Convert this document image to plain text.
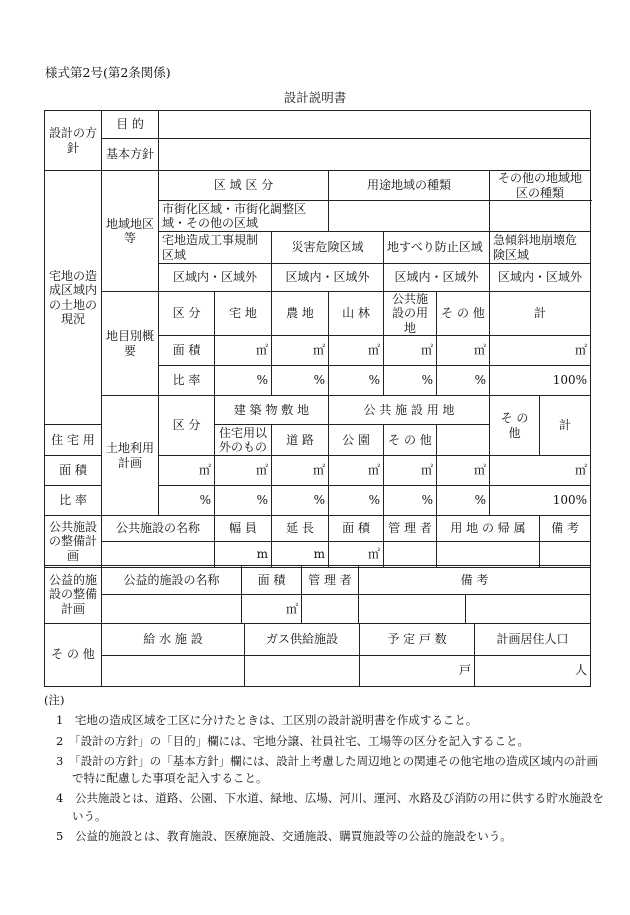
様式第2号(第2条関係)
設計説明書
設計の方針	目 的								
	基本方針								
宅地の造成区域内の土地の現況	地域地区等	区 域 区 分			用途地域の種類			その他の地域地区の種類	
		市街化区域・市街化調整区域・その他の区域							
		宅地造成工事規制区域		災害危険区域		地すべり防止区域		急傾斜地崩壊危険区域	
		区域内・区域外		区域内・区域外		区域内・区域外		区域内・区域外	
	地目別概要	区 分	宅 地	農 地	山 林	公共施設の用地	そ の 他	計	
		面 積	㎡	㎡	㎡	㎡	㎡	㎡	
		比 率	%	%	%	%	%	100%	
	土地利用計画	区 分	建 築 物 敷 地		公 共 施 設 用 地			そ の 他	計
住 宅 用			住宅用以外のもの	道 路	公 園	そ の 他			
面 積		㎡	㎡	㎡	㎡	㎡	㎡	㎡	
比 率		%	%	%	%	%	%	100%	
公共施設の整備計画	公共施設の名称		幅 員	延 長	面 積	管 理 者	用 地 の 帰 属		備 考
			m	m	㎡				
公益的施設の整備計画	公益的施設の名称	面 積	管 理 者	備 考	
		㎡			
そ の 他	給 水 施 設	ガス供給施設	予 定 戸 数	計画居住人口
			戸	人

(注)

1　宅地の造成区域を工区に分けたときは、工区別の設計説明書を作成すること。

2　「設計の方針」の「目的」欄には、宅地分譲、社員社宅、工場等の区分を記入すること。

3　「設計の方針」の「基本方針」欄には、設計上考慮した周辺地との関連その他宅地の造成区域内の計画で特に配慮した事項を記入すること。

4　公共施設とは、道路、公園、下水道、緑地、広場、河川、運河、水路及び消防の用に供する貯水施設をいう。

5　公益的施設とは、教育施設、医療施設、交通施設、購買施設等の公益的施設をいう。
